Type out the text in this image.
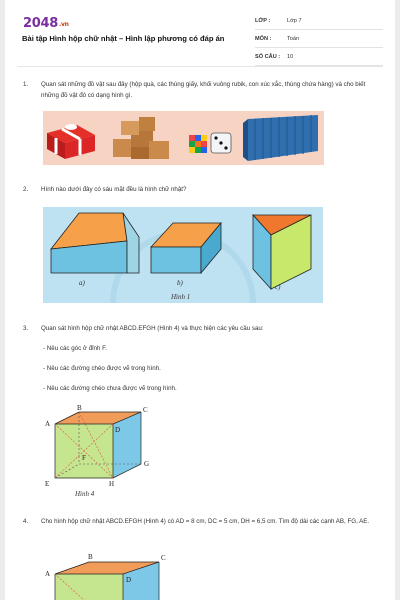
2048.vn
Bài tập Hình hộp chữ nhật – Hình lập phương có đáp án
LỚP :	Lớp 7
MÔN :	Toán
SỐ CÂU : 10
1. Quan sát những đồ vật sau đây (hộp quà, các thùng giấy, khối vuông rubik, con xúc xắc, thùng chứa hàng) và cho biết những đồ vật đó có dạng hình gì.
2. Hình nào dưới đây có sáu mặt đều là hình chữ nhật?
a)	b)	c)
Hình 1
3. Quan sát hình hộp chữ nhật ABCD.EFGH (Hình 4) và thực hiện các yêu cầu sau:
- Nêu các góc ở đỉnh F.
- Nêu các đường chéo được vẽ trong hình.
- Nêu các đường chéo chưa được vẽ trong hình.
A
B	C
D
E
F
G
H
Hình 4
4. Cho hình hộp chữ nhật ABCD.EFGH (Hình 4) có AD = 8 cm, DC = 5 cm, DH = 6,5 cm. Tìm độ dài các cạnh AB, FG, AE.
A
B	C
D
